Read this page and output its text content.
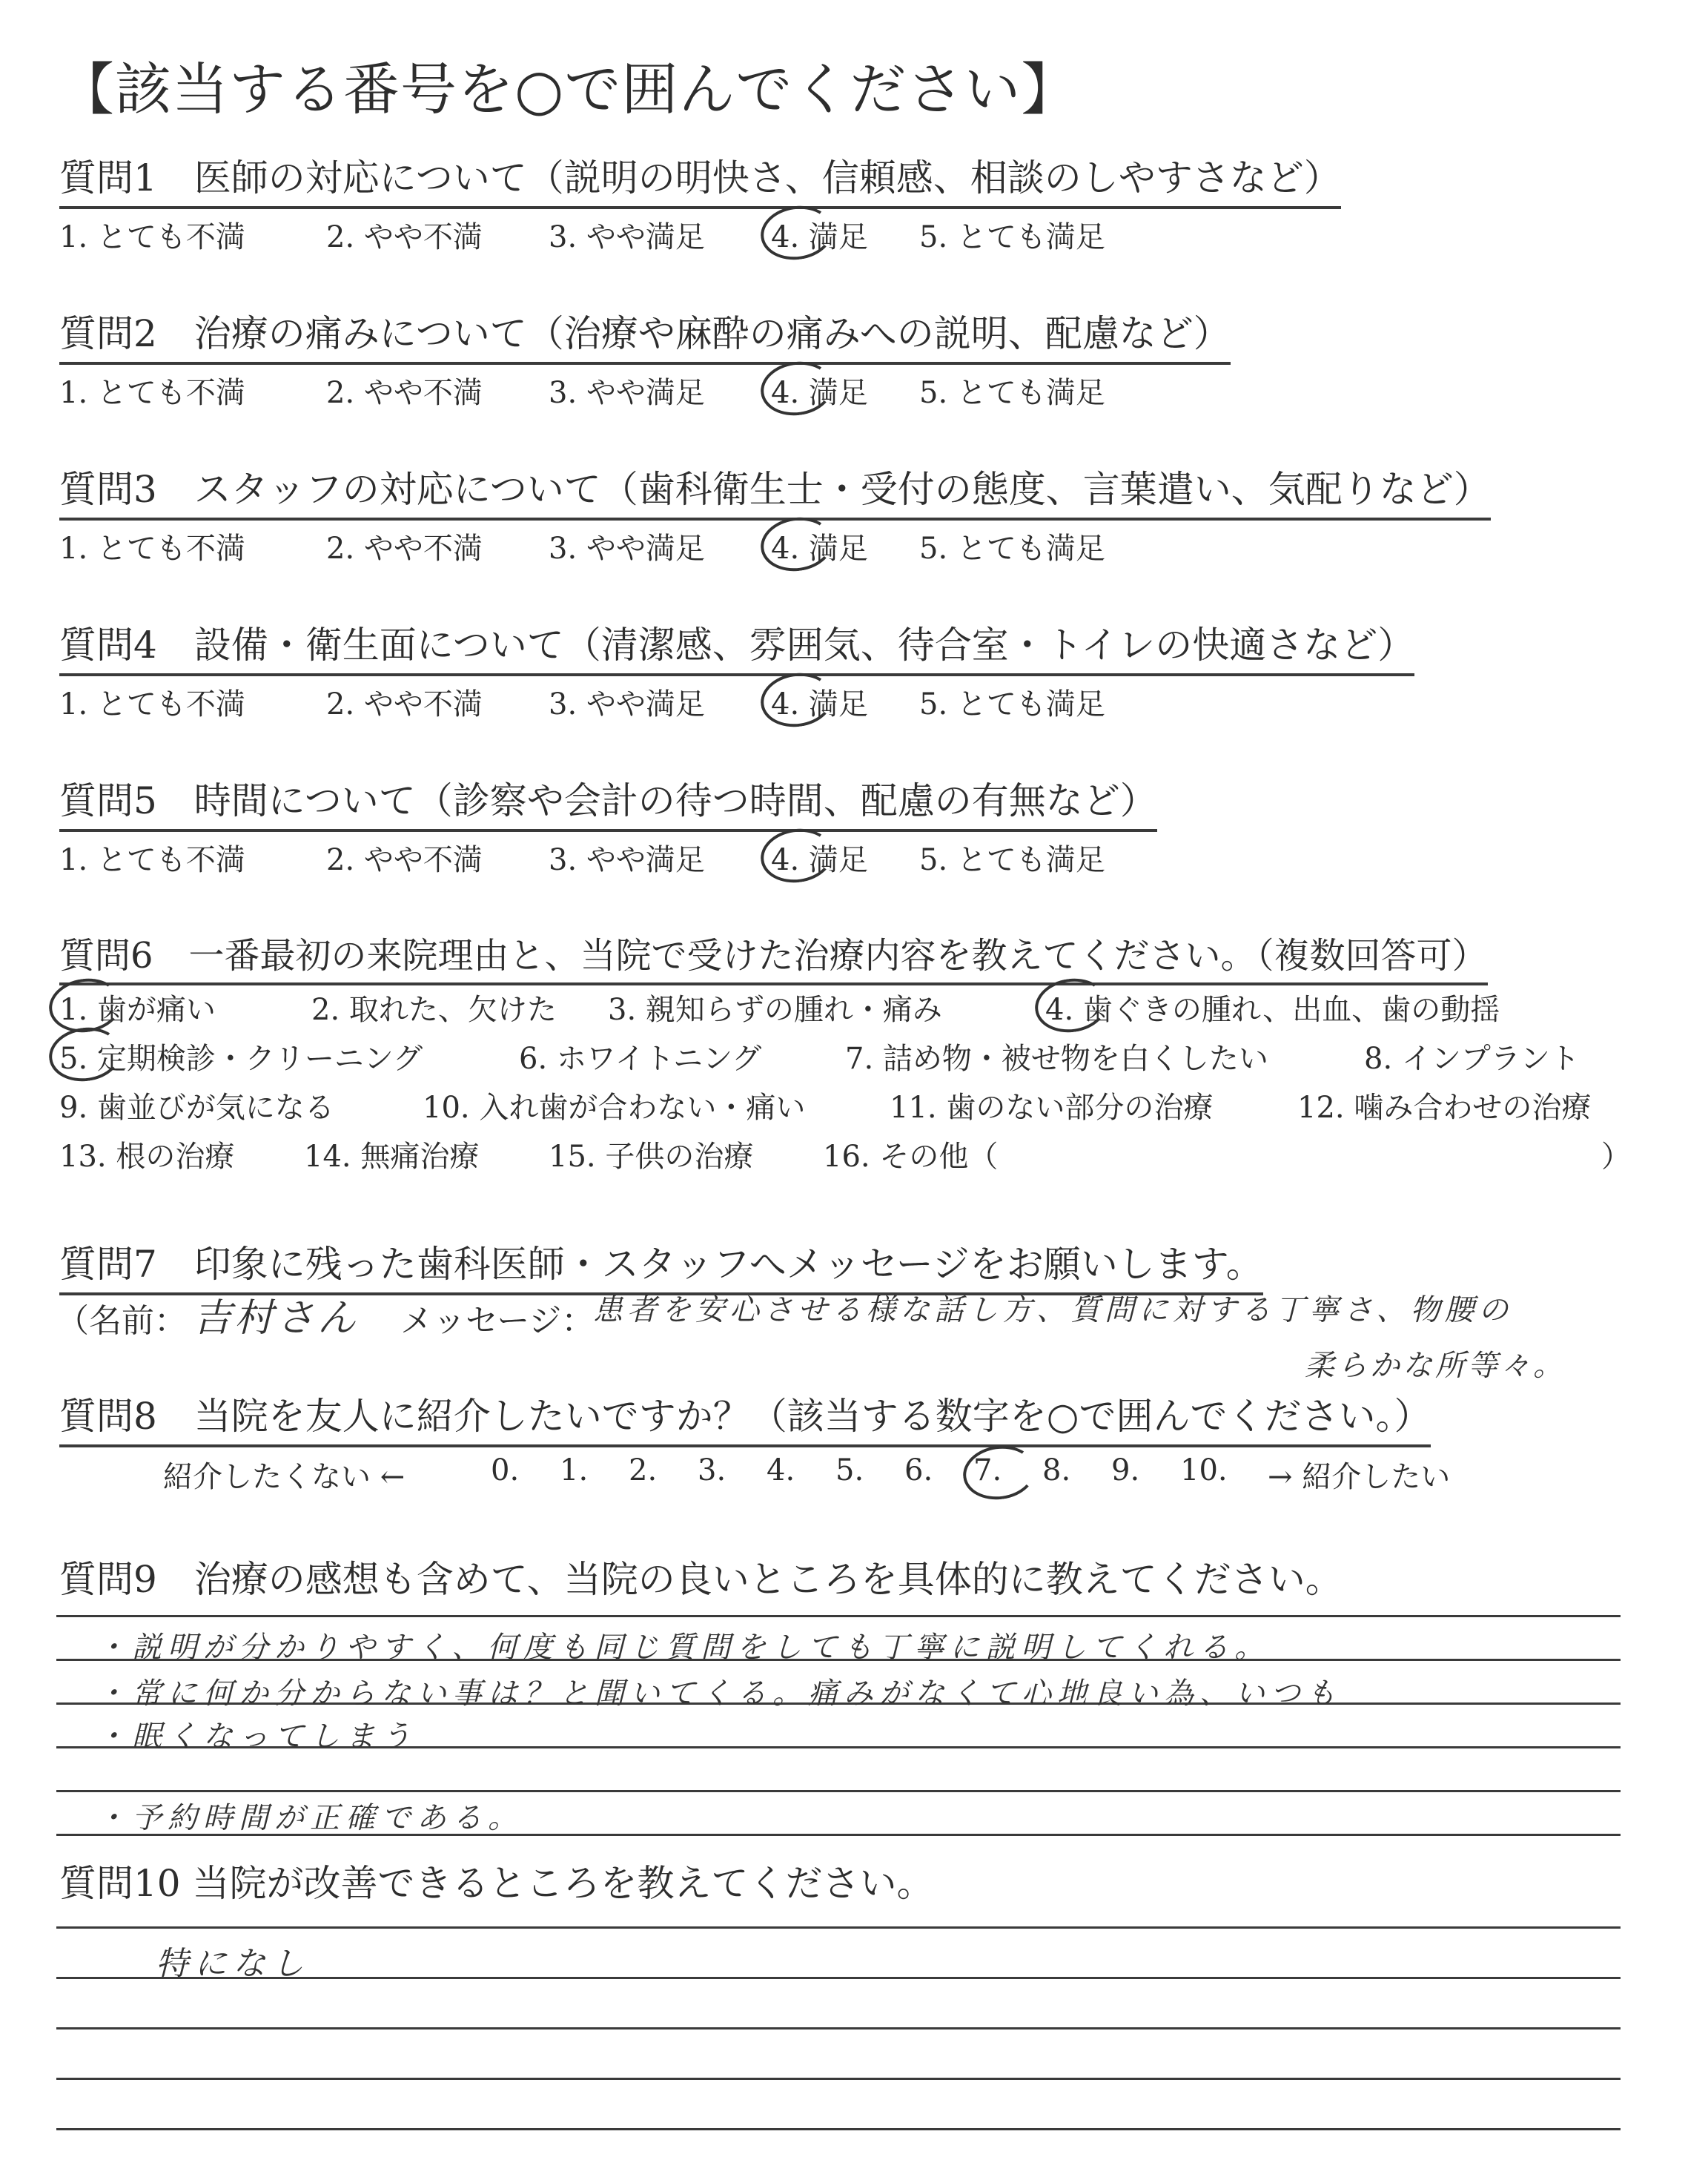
【該当する番号を○で囲んでください】
質問1　医師の対応について（説明の明快さ、信頼感、相談のしやすさなど）
1. とても不満	2. やや不満 3. やや満足 4. 満足 5. とても満足
質問2　治療の痛みについて（治療や麻酔の痛みへの説明、配慮など）
1. とても不満	2. やや不満 3. やや満足 4. 満足 5. とても満足
質問3　スタッフの対応について（歯科衛生士・受付の態度、言葉遣い、気配りなど）
1. とても不満	2. やや不満 3. やや満足 4. 満足 5. とても満足
質問4　設備・衛生面について（清潔感、雰囲気、待合室・トイレの快適さなど）
1. とても不満	2. やや不満 3. やや満足 4. 満足 5. とても満足
質問5　時間について（診察や会計の待つ時間、配慮の有無など）
1. とても不満	2. やや不満 3. やや満足 4. 満足 5. とても満足
質問6　一番最初の来院理由と、当院で受けた治療内容を教えてください。（複数回答可）
1. 歯が痛い	2. 取れた、欠けた 3. 親知らずの腫れ・痛み	4. 歯ぐきの腫れ、出血、歯の動揺
5. 定期検診・クリーニング	6. ホワイトニング	7. 詰め物・被せ物を白くしたい	8. インプラント
9. 歯並びが気になる	10. 入れ歯が合わない・痛い	11. 歯のない部分の治療	12. 噛み合わせの治療
13. 根の治療 14. 無痛治療 15. 子供の治療 16. その他（	）
質問7　印象に残った歯科医師・スタッフへメッセージをお願いします。
（名前： 吉村さん メッセージ：
患者を安心させる様な話し方、質問に対する丁寧さ、物腰の
柔らかな所等々。
質問8　当院を友人に紹介したいですか？（該当する数字を○で囲んでください。）
紹介したくない ←	0. 1. 2. 3. 4. 5. 6. 7. 8. 9. 10. → 紹介したい
質問9　治療の感想も含めて、当院の良いところを具体的に教えてください。
・説明が分かりやすく、何度も同じ質問をしても丁寧に説明してくれる。
・常に何か分からない事は？と聞いてくる。痛みがなくて心地良い為、いつも
・眠くなってしまう
・予約時間が正確である。
質問10 当院が改善できるところを教えてください。
特になし
